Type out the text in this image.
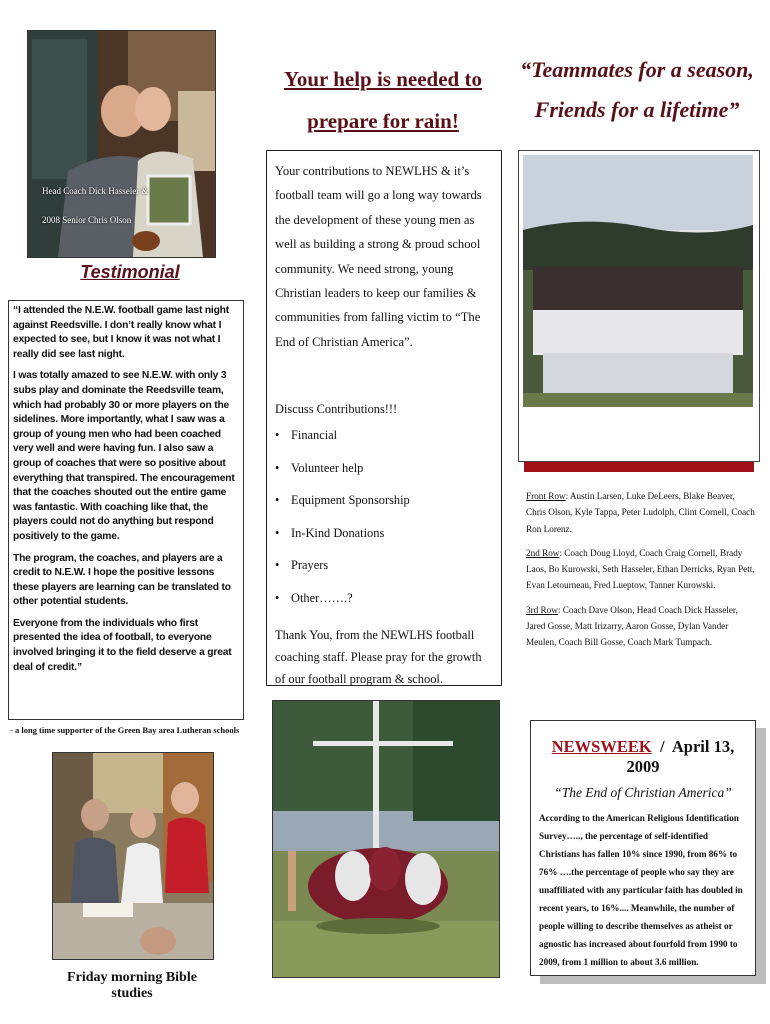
Head Coach Dick Hasseler &
2008 Senior Chris Olson
Testimonial

“I attended the N.E.W. football game last night against Reedsville. I don’t really know what I expected to see, but I know it was not what I really did see last night.

I was totally amazed to see N.E.W. with only 3 subs play and dominate the Reedsville team, which had probably 30 or more players on the sidelines. More importantly, what I saw was a group of young men who had been coached very well and were having fun. I also saw a group of coaches that were so positive about everything that transpired. The encouragement that the coaches shouted out the entire game was fantastic. With coaching like that, the players could not do anything but respond positively to the game.

The program, the coaches, and players are a credit to N.E.W. I hope the positive lessons these players are learning can be translated to other potential students.

Everyone from the individuals who first presented the idea of football, to everyone involved bringing it to the field deserve a great deal of credit.”

- a long time supporter of the Green Bay area Lutheran schools
Friday morning Bible studies
Your help is needed to
prepare for rain!

Your contributions to NEWLHS & it’s football team will go a long way towards the development of these young men as well as building a strong & proud school community. We need strong, young Christian leaders to keep our families & communities from falling victim to “The End of Christian America”.

Discuss Contributions!!!
• Financial
• Volunteer help
• Equipment Sponsorship
• In-Kind Donations
• Prayers
• Other…….?

Thank You, from the NEWLHS football coaching staff. Please pray for the growth of our football program & school.

“Teammates for a season,
Friends for a lifetime”
2008 NEWLHS Football Team

Front Row: Austin Larsen, Luke DeLeers, Blake Beaver, Chris Olson, Kyle Tappa, Peter Ludolph, Clint Cornell, Coach Ron Lorenz.

2nd Row: Coach Doug Lloyd, Coach Craig Cornell, Brady Laos, Bo Kurowski, Seth Hasseler, Ethan Derricks, Ryan Pett, Evan Letourneau, Fred Lueptow, Tanner Kurowski.

3rd Row: Coach Dave Olson, Head Coach Dick Hasseler, Jared Gosse, Matt Irizarry, Aaron Gosse, Dylan Vander Meulen, Coach Bill Gosse, Coach Mark Tumpach.

NEWSWEEK / April 13, 2009
“The End of Christian America”
According to the American Religious Identification Survey….., the percentage of self-identified Christians has fallen 10% since 1990, from 86% to 76% ….the percentage of people who say they are unaffiliated with any particular faith has doubled in recent years, to 16%.... Meanwhile, the number of people willing to describe themselves as atheist or agnostic has increased about fourfold from 1990 to 2009, from 1 million to about 3.6 million.
